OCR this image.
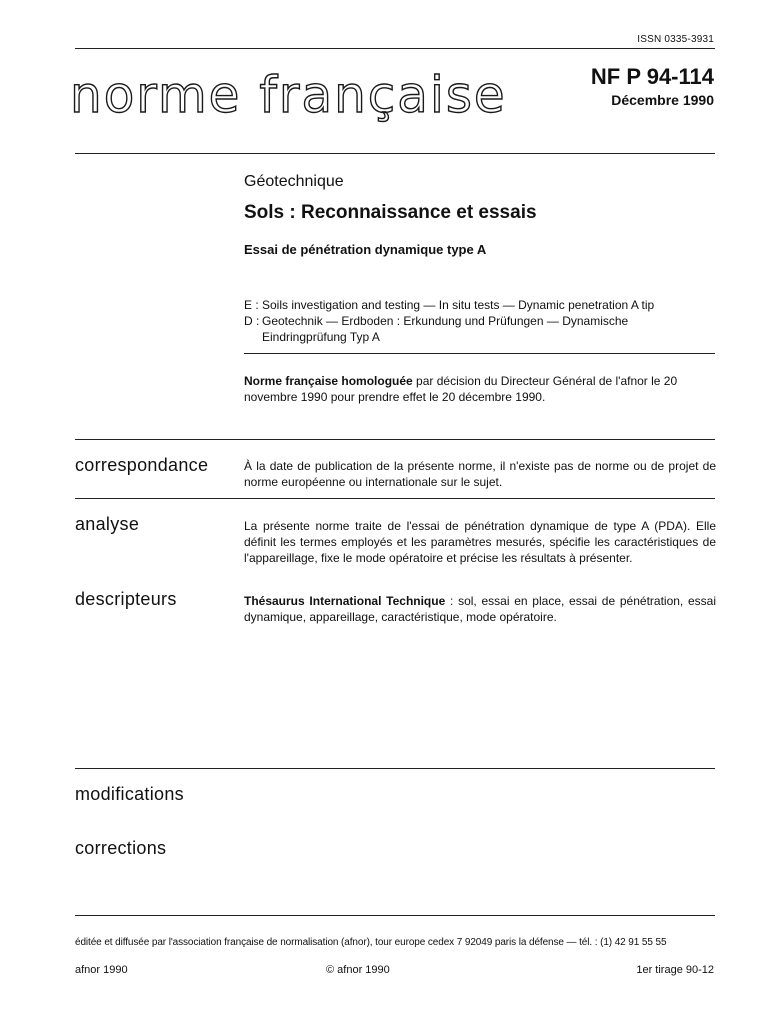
ISSN 0335-3931
norme française	NF P 94-114
Décembre 1990
Géotechnique
Sols : Reconnaissance et essais
Essai de pénétration dynamique type A
E : Soils investigation and testing — In situ tests — Dynamic penetration A tip
D : Geotechnik — Erdboden : Erkundung und Prüfungen — Dynamische
Eindringprüfung Typ A
Norme française homologuée par décision du Directeur Général de l'afnor le 20 novembre 1990 pour prendre effet le 20 décembre 1990.
correspondance	À la date de publication de la présente norme, il n'existe pas de norme ou de projet de norme européenne ou internationale sur le sujet.
analyse	La présente norme traite de l'essai de pénétration dynamique de type A (PDA). Elle définit les termes employés et les paramètres mesurés, spécifie les caractéristiques de l'appareillage, fixe le mode opératoire et précise les résultats à présenter.
descripteurs	Thésaurus International Technique : sol, essai en place, essai de pénétration, essai dynamique, appareillage, caractéristique, mode opératoire.
modifications
corrections
éditée et diffusée par l'association française de normalisation (afnor), tour europe cedex 7 92049 paris la défense — tél. : (1) 42 91 55 55
afnor 1990	© afnor 1990	1er tirage 90-12
